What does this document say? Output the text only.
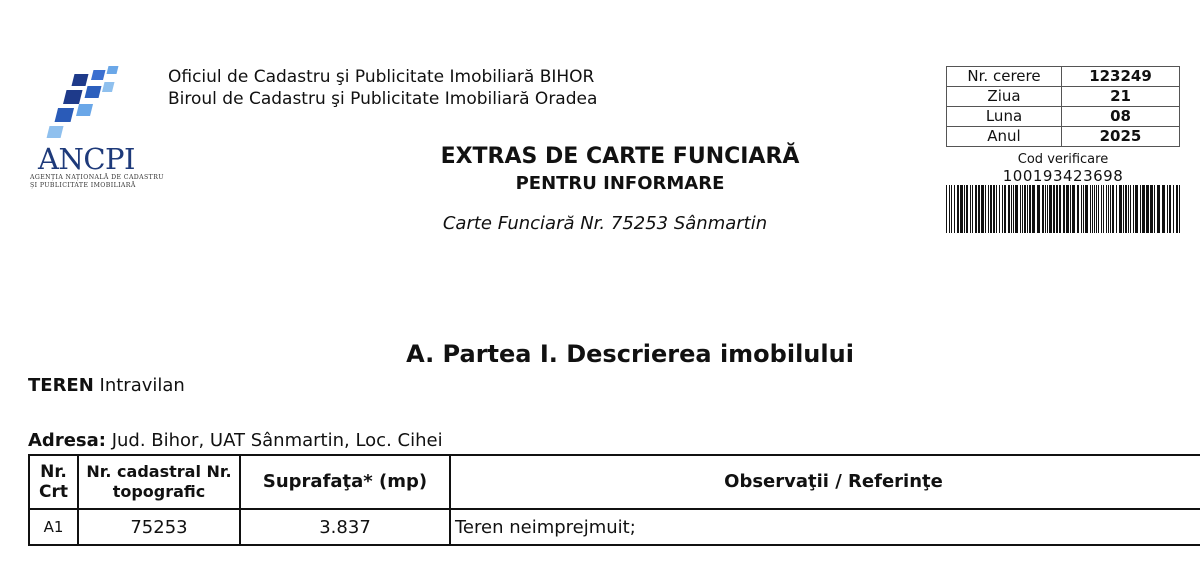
ANCPI
AGENȚIA NAȚIONALĂ DE CADASTRU ȘI PUBLICITATE IMOBILIARĂ
Oficiul de Cadastru şi Publicitate Imobiliară BIHOR
Biroul de Cadastru şi Publicitate Imobiliară Oradea
EXTRAS DE CARTE FUNCIARĂ
PENTRU INFORMARE
Carte Funciară Nr. 75253 Sânmartin
Nr. cerere	123249
Ziua	21
Luna	08
Anul	2025
Cod verificare
100193423698
A. Partea I. Descrierea imobilului
TEREN Intravilan
Adresa: Jud. Bihor, UAT Sânmartin, Loc. Cihei
Nr. Crt	Nr. cadastral Nr. topografic	Suprafaţa* (mp)	Observaţii / Referinţe
A1	75253	3.837	Teren neimprejmuit;
